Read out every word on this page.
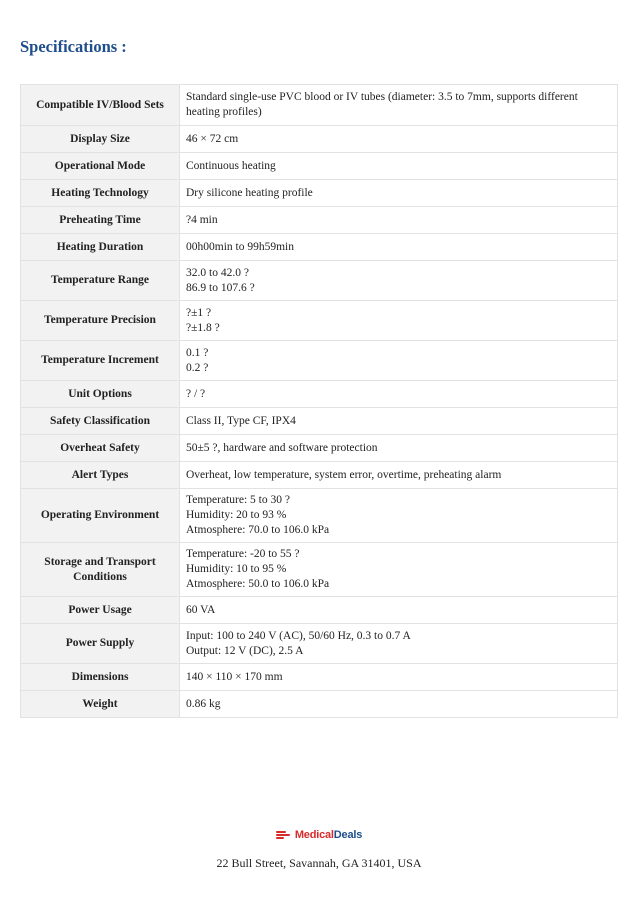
Specifications :
Compatible IV/Blood Sets	Standard single-use PVC blood or IV tubes (diameter: 3.5 to 7mm, supports different heating profiles)

Display Size	46 × 72 cm

Operational Mode	Continuous heating

Heating Technology	Dry silicone heating profile

Preheating Time	?4 min

Heating Duration	00h00min to 99h59min

Temperature Range	32.0 to 42.0 ?
86.9 to 107.6 ?

Temperature Precision	?±1 ?
?±1.8 ?

Temperature Increment	0.1 ?
0.2 ?

Unit Options	? / ?

Safety Classification	Class II, Type CF, IPX4

Overheat Safety	50±5 ?, hardware and software protection

Alert Types	Overheat, low temperature, system error, overtime, preheating alarm

Operating Environment	Temperature: 5 to 30 ?
Humidity: 20 to 93 %
Atmosphere: 70.0 to 106.0 kPa

Storage and Transport Conditions	Temperature: -20 to 55 ?
Humidity: 10 to 95 %
Atmosphere: 50.0 to 106.0 kPa

Power Usage	60 VA

Power Supply	Input: 100 to 240 V (AC), 50/60 Hz, 0.3 to 0.7 A
Output: 12 V (DC), 2.5 A

Dimensions	140 × 110 × 170 mm

Weight	0.86 kg
MedicalDeals
22 Bull Street, Savannah, GA 31401, USA
